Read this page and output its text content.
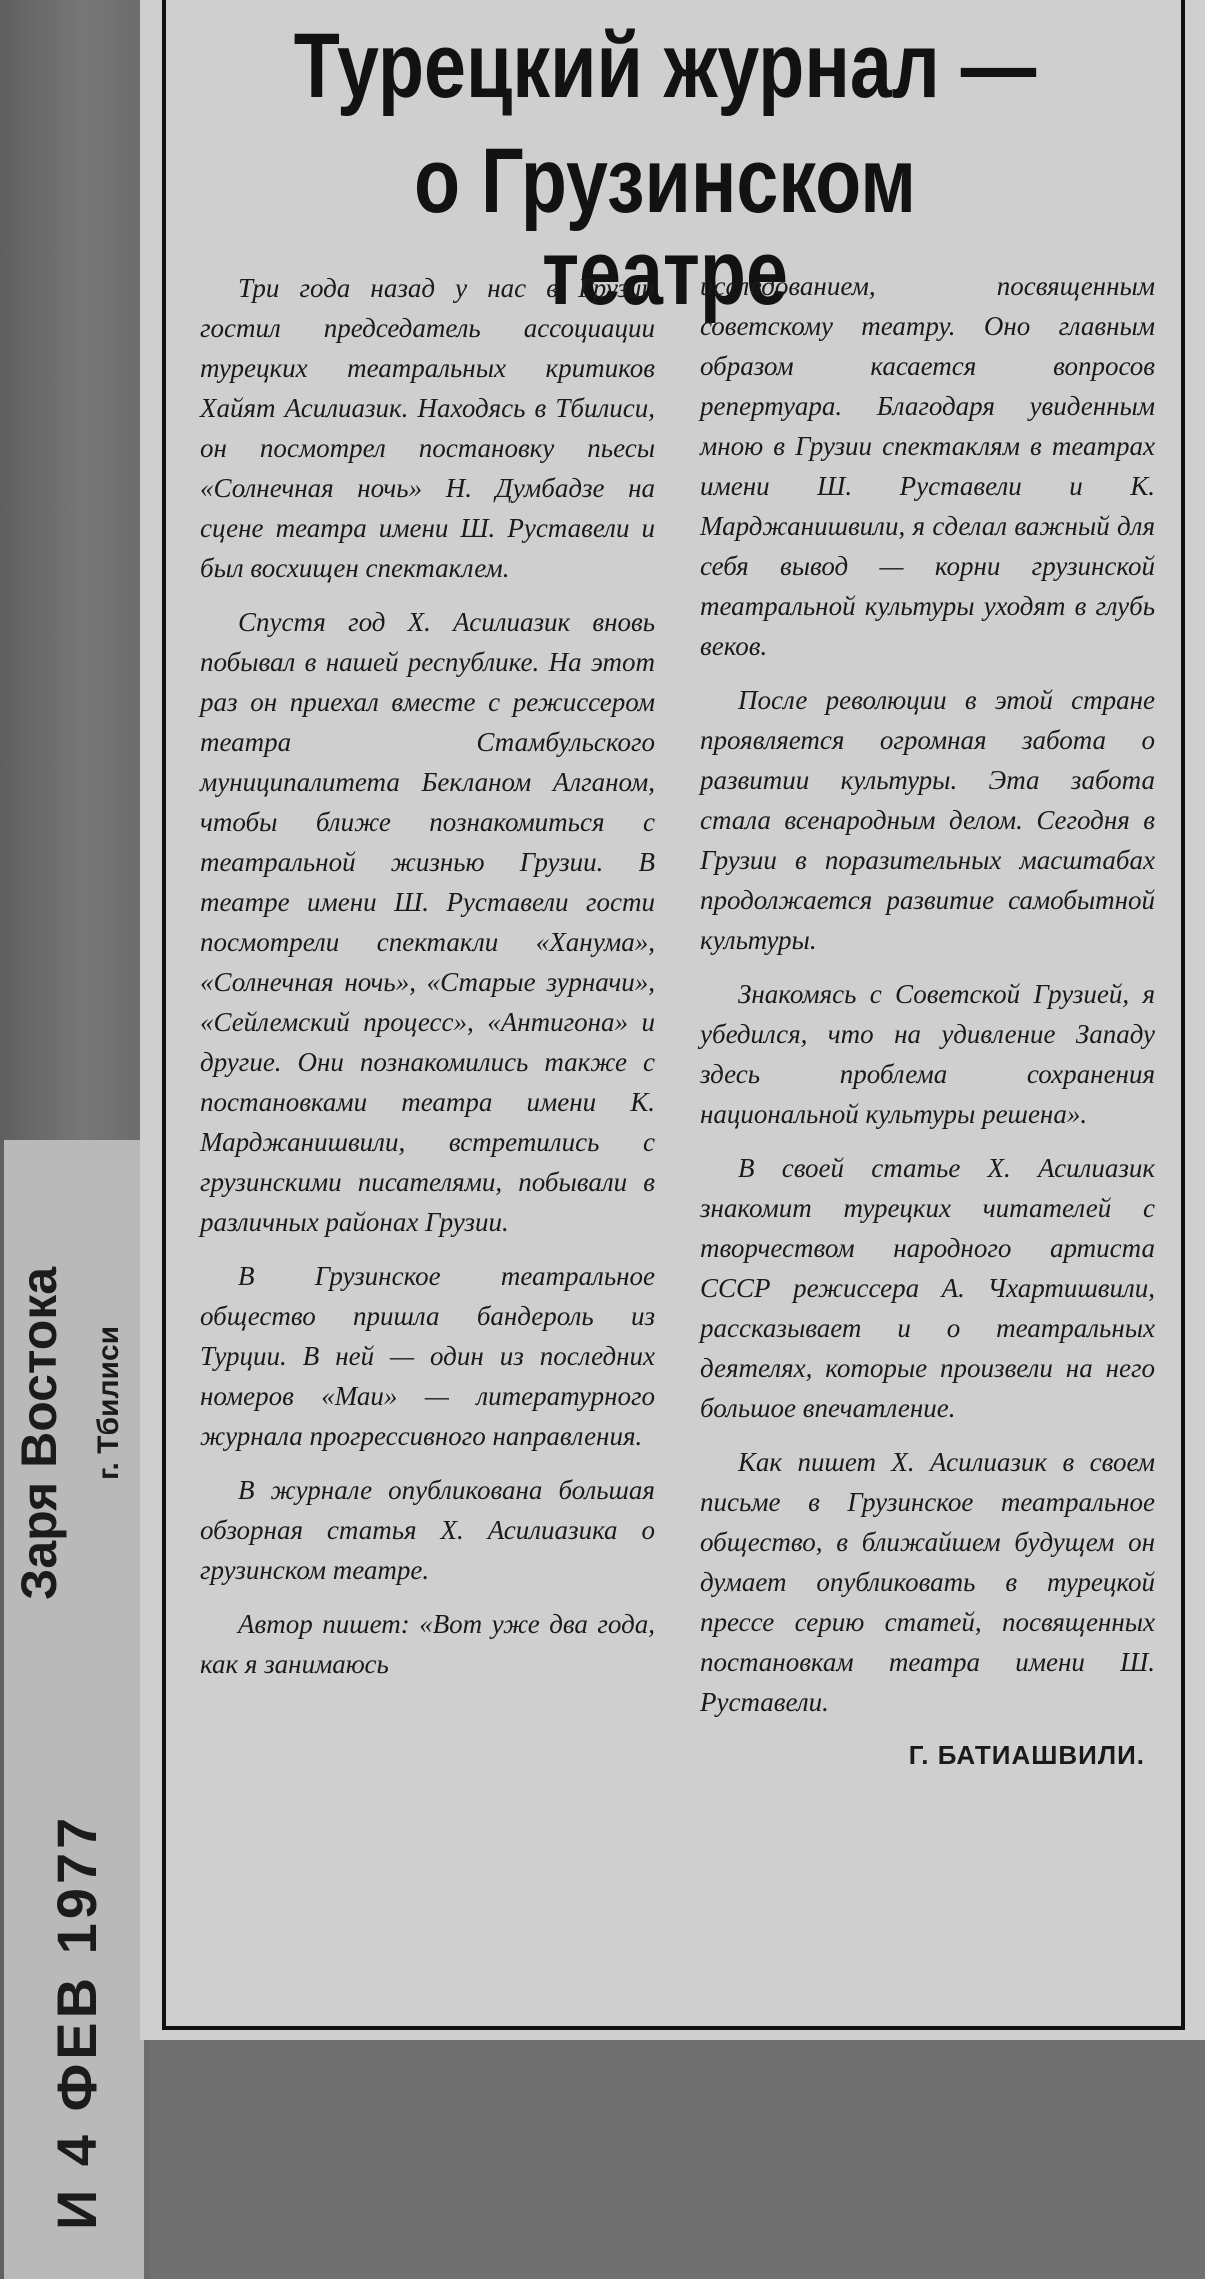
Заря Востока г. Тбилиси
И 4 ФЕВ 1977
Турецкий журнал —
о Грузинском театре

Три года назад у нас в Грузии гостил председатель ассоциации турецких театральных критиков Хайят Асилиазик. Находясь в Тбилиси, он посмотрел постановку пьесы «Солнечная ночь» Н. Думбадзе на сцене театра имени Ш. Руставели и был восхищен спектаклем.

Спустя год Х. Асилиазик вновь побывал в нашей республике. На этот раз он приехал вместе с режиссером театра Стамбульского муниципалитета Бекланом Алганом, чтобы ближе познакомиться с театральной жизнью Грузии. В театре имени Ш. Руставели гости посмотрели спектакли «Ханума», «Солнечная ночь», «Старые зурначи», «Сейлемский процесс», «Антигона» и другие. Они познакомились также с постановками театра имени К. Марджанишвили, встретились с грузинскими писателями, побывали в различных районах Грузии.

В Грузинское театральное общество пришла бандероль из Турции. В ней — один из последних номеров «Маи» — литературного журнала прогрессивного направления.

В журнале опубликована большая обзорная статья Х. Асилиазика о грузинском театре.

Автор пишет: «Вот уже два года, как я занимаюсь

исследованием, посвященным советскому театру. Оно главным образом касается вопросов репертуара. Благодаря увиденным мною в Грузии спектаклям в театрах имени Ш. Руставели и К. Марджанишвили, я сделал важный для себя вывод — корни грузинской театральной культуры уходят в глубь веков.

После революции в этой стране проявляется огромная забота о развитии культуры. Эта забота стала всенародным делом. Сегодня в Грузии в поразительных масштабах продолжается развитие самобытной культуры.

Знакомясь с Советской Грузией, я убедился, что на удивление Западу здесь проблема сохранения национальной культуры решена».

В своей статье Х. Асилиазик знакомит турецких читателей с творчеством народного артиста СССР режиссера А. Чхартишвили, рассказывает и о театральных деятелях, которые произвели на него большое впечатление.

Как пишет Х. Асилиазик в своем письме в Грузинское театральное общество, в ближайшем будущем он думает опубликовать в турецкой прессе серию статей, посвященных постановкам театра имени Ш. Руставели.

Г. БАТИАШВИЛИ.
